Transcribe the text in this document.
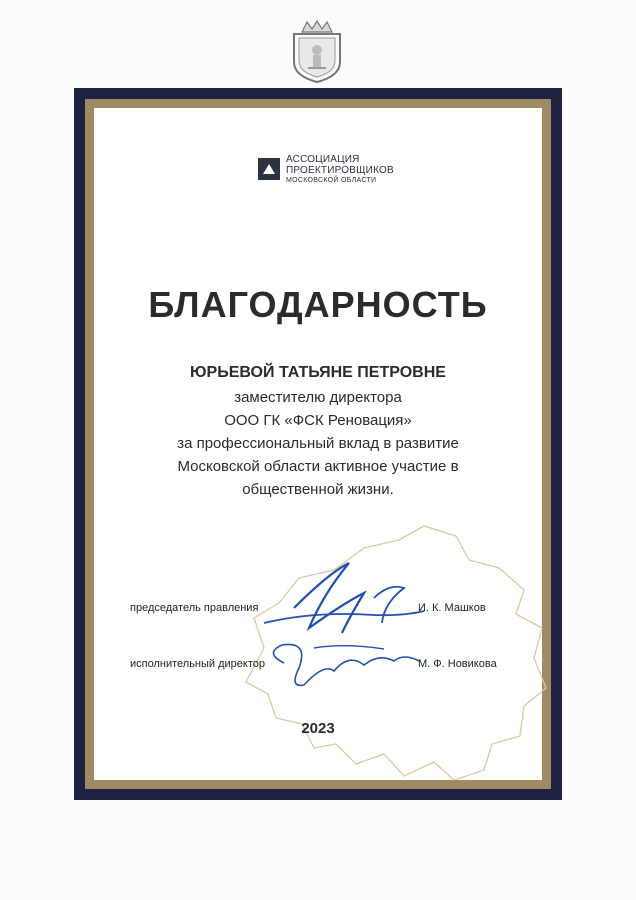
АССОЦИАЦИЯ
ПРОЕКТИРОВЩИКОВ
МОСКОВСКОЙ ОБЛАСТИ
БЛАГОДАРНОСТЬ
ЮРЬЕВОЙ ТАТЬЯНЕ ПЕТРОВНЕ
заместителю директора
ООО ГК «ФСК Реновация»
за профессиональный вклад в развитие
Московской области активное участие в
общественной жизни.
председатель правления	И. К. Машков
исполнительный директор	М. Ф. Новикова
2023
